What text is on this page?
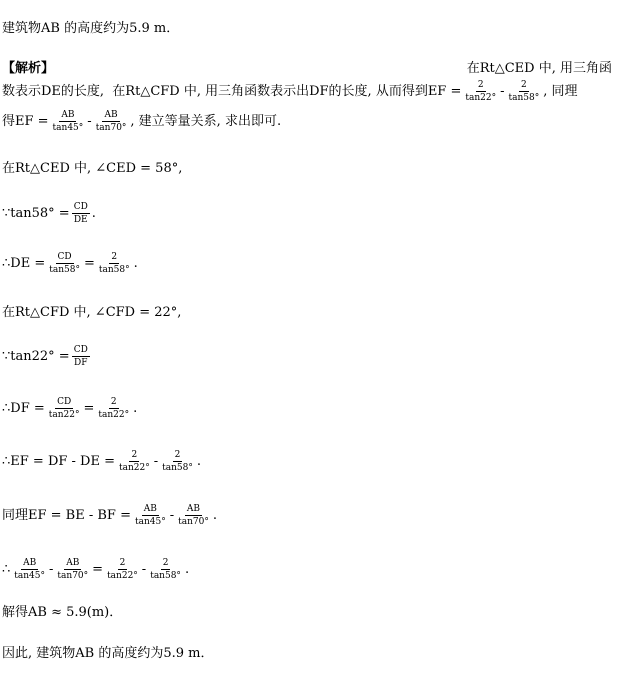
建筑物AB 的高度约为5.9 m．
【解析】	在Rt△CED 中, 用三角函
数表示DE的长度,  在Rt△CFD 中, 用三角函数表示出DF的长度, 从而得到EF = $\frac{2}{\tan 22^\circ} - \frac{2}{\tan 58^\circ}$ , 同理
得EF = $\frac{AB}{\tan 45^\circ} - \frac{AB}{\tan 70^\circ}$ , 建立等量关系, 求出即可.
在Rt△CED 中, ∠CED = 58°,
∵tan58° = $\frac{CD}{DE}$ .
∴DE = $\frac{CD}{\tan 58^\circ} = \frac{2}{\tan 58^\circ}$ .
在Rt△CFD 中, ∠CFD = 22°,
∵tan22° = $\frac{CD}{DF}$
∴DF = $\frac{CD}{\tan 22^\circ} = \frac{2}{\tan 22^\circ}$ .
∴EF = DF - DE = $\frac{2}{\tan 22^\circ} - \frac{2}{\tan 58^\circ}$ .
同理EF = BE - BF = $\frac{AB}{\tan 45^\circ} - \frac{AB}{\tan 70^\circ}$ .
∴ $\frac{AB}{\tan 45^\circ} - \frac{AB}{\tan 70^\circ} = \frac{2}{\tan 22^\circ} - \frac{2}{\tan 58^\circ}$ .
解得AB ≈ 5.9(m)．
因此, 建筑物AB 的高度约为5.9 m．
